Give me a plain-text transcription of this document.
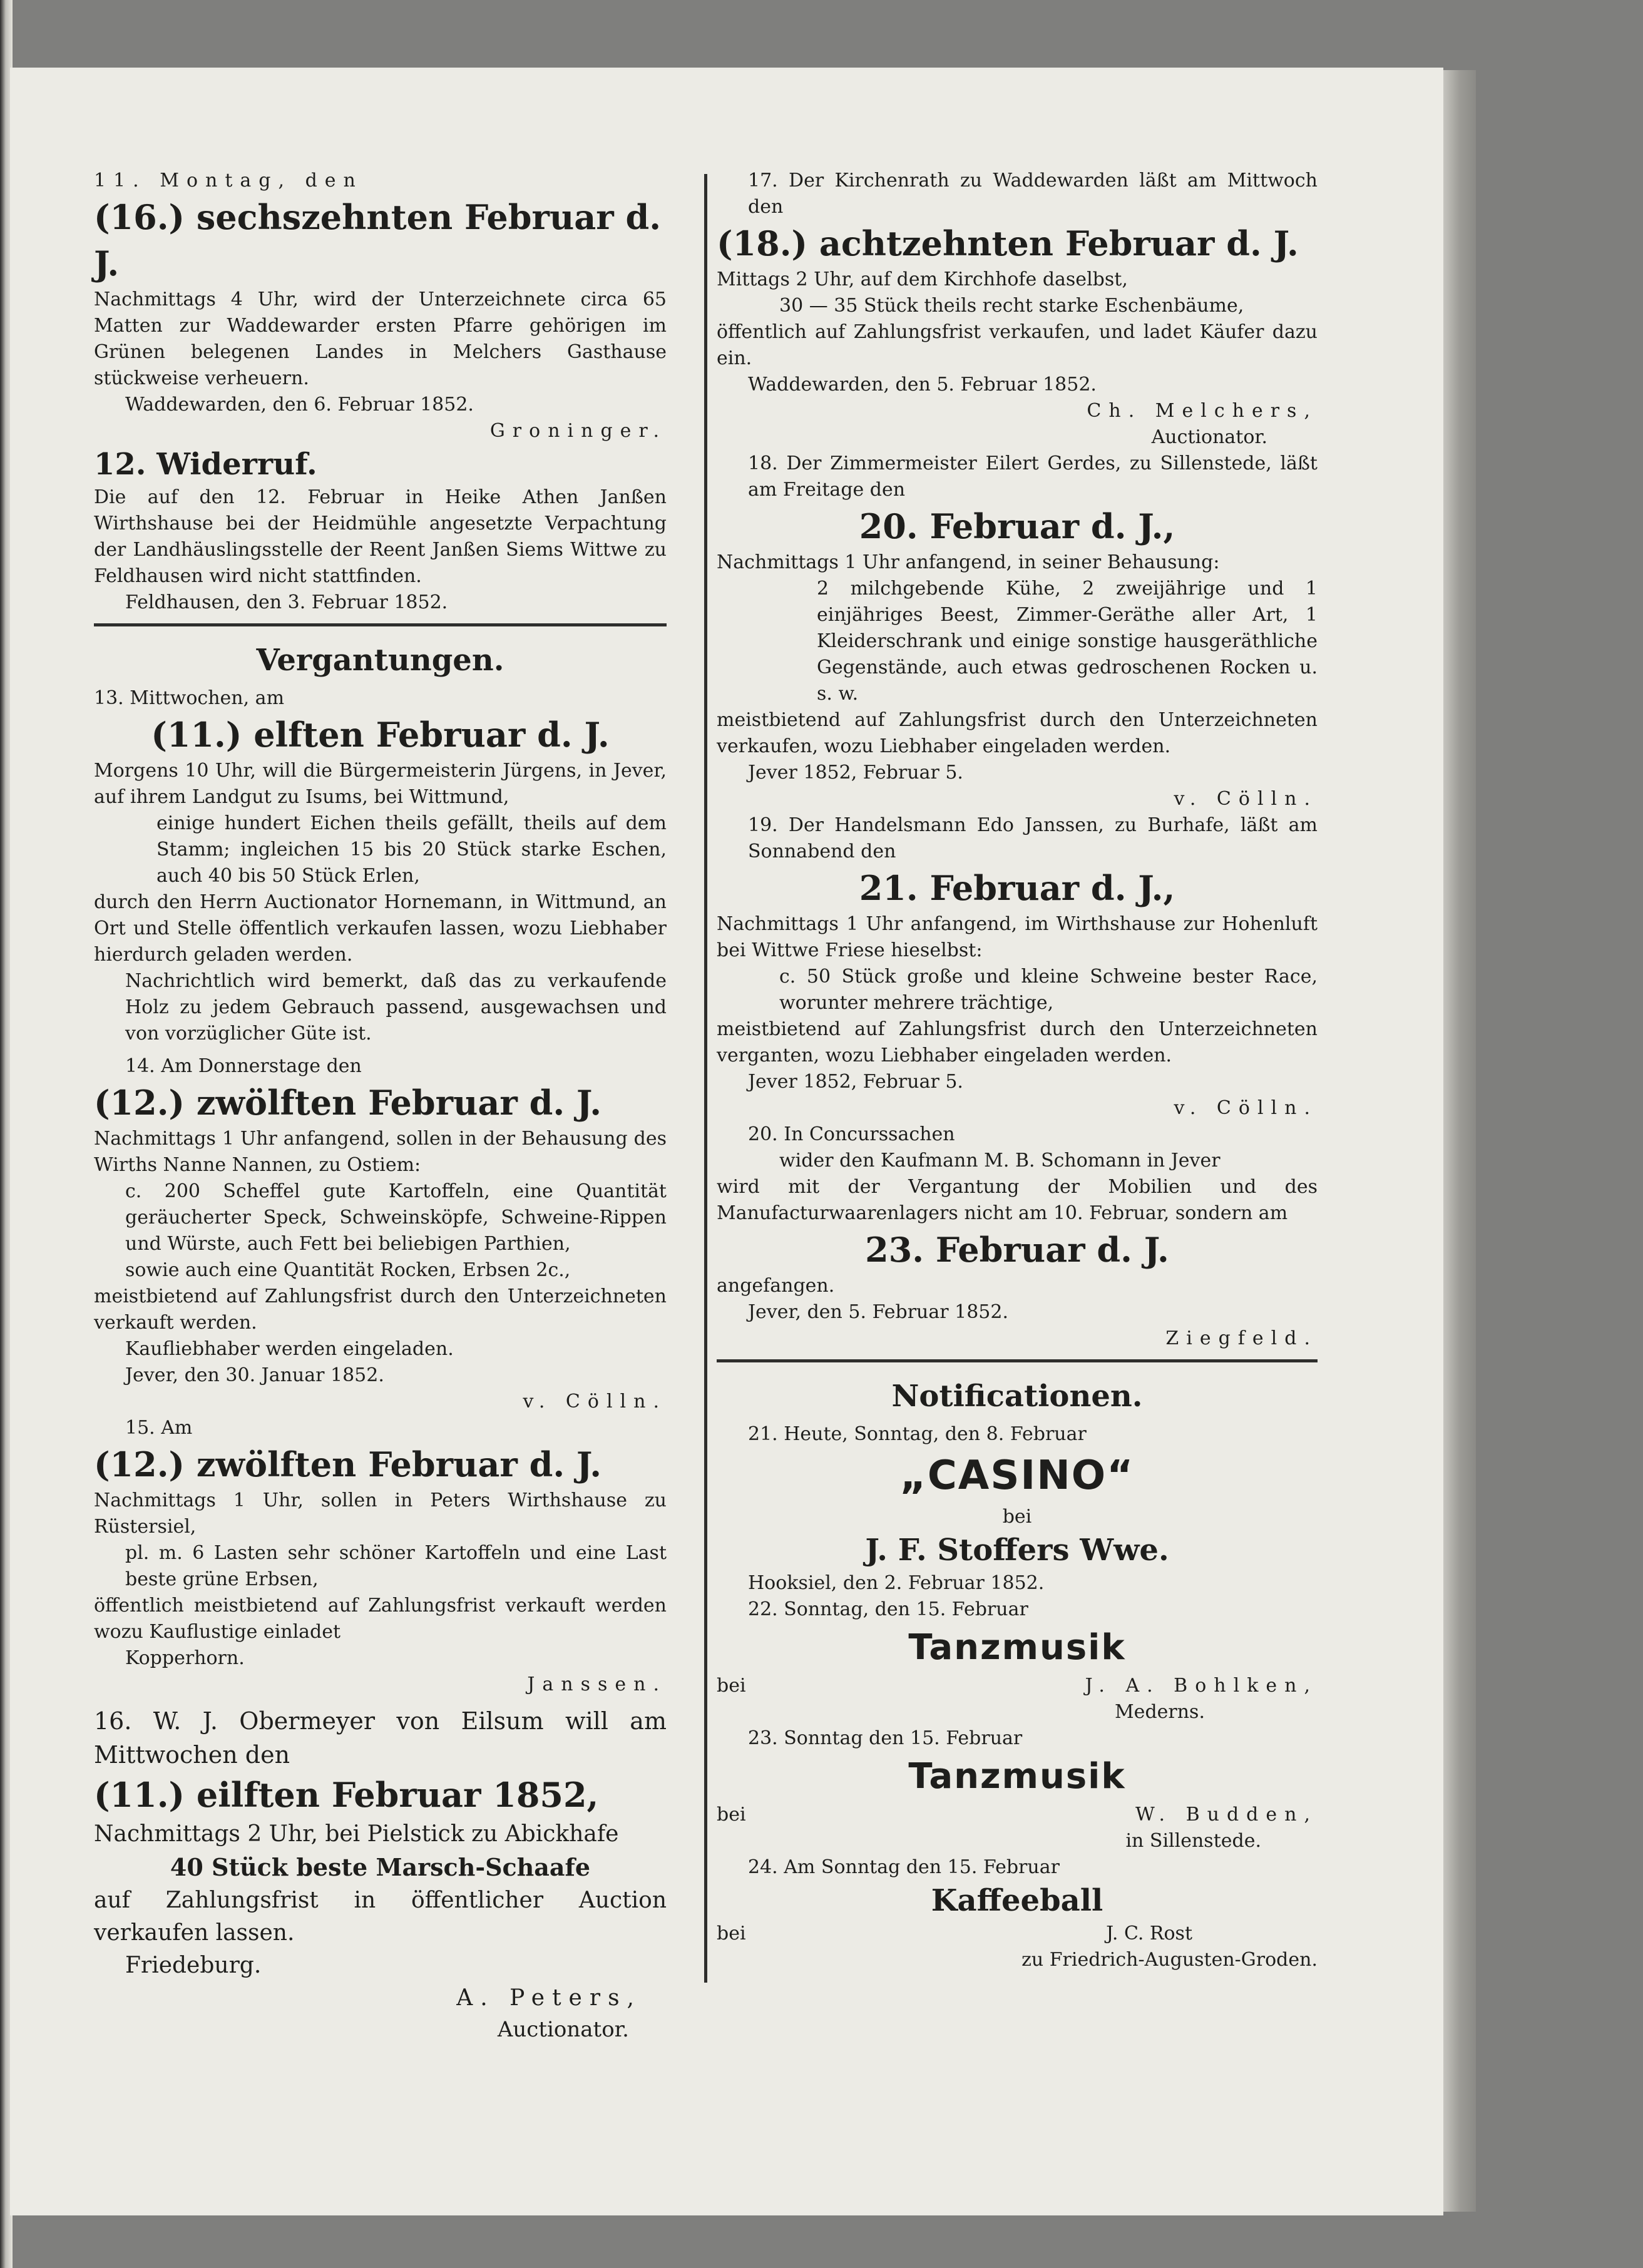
11. Montag, den

(16.) sechszehnten Februar d. J.

Nachmittags 4 Uhr, wird der Unterzeichnete circa 65 Matten zur Waddewarder ersten Pfarre gehörigen im Grünen belegenen Landes in Melchers Gasthause stückweise verheuern.

Waddewarden, den 6. Februar 1852.

Groninger.

12. Widerruf.

Die auf den 12. Februar in Heike Athen Janßen Wirthshause bei der Heidmühle angesetzte Verpachtung der Landhäuslingsstelle der Reent Janßen Siems Wittwe zu Feldhausen wird nicht stattfinden.

Feldhausen, den 3. Februar 1852.

Vergantungen.

13. Mittwochen, am

(11.) elften Februar d. J.

Morgens 10 Uhr, will die Bürgermeisterin Jürgens, in Jever, auf ihrem Landgut zu Isums, bei Wittmund,

einige hundert Eichen theils gefällt, theils auf dem Stamm; ingleichen 15 bis 20 Stück starke Eschen, auch 40 bis 50 Stück Erlen,

durch den Herrn Auctionator Hornemann, in Wittmund, an Ort und Stelle öffentlich verkaufen lassen, wozu Liebhaber hierdurch geladen werden.

Nachrichtlich wird bemerkt, daß das zu verkaufende Holz zu jedem Gebrauch passend, ausgewachsen und von vorzüglicher Güte ist.

14. Am Donnerstage den

(12.) zwölften Februar d. J.

Nachmittags 1 Uhr anfangend, sollen in der Behausung des Wirths Nanne Nannen, zu Ostiem:

c. 200 Scheffel gute Kartoffeln, eine Quantität geräucherter Speck, Schweinsköpfe, Schweine-Rippen und Würste, auch Fett bei beliebigen Parthien,

sowie auch eine Quantität Rocken, Erbsen 2c.,

meistbietend auf Zahlungsfrist durch den Unterzeichneten verkauft werden.

Kaufliebhaber werden eingeladen.

Jever, den 30. Januar 1852.

v. Cölln.

15. Am

(12.) zwölften Februar d. J.

Nachmittags 1 Uhr, sollen in Peters Wirthshause zu Rüstersiel,

pl. m. 6 Lasten sehr schöner Kartoffeln und eine Last beste grüne Erbsen,

öffentlich meistbietend auf Zahlungsfrist verkauft werden wozu Kauflustige einladet

Kopperhorn.

Janssen.

16. W. J. Obermeyer von Eilsum will am Mittwochen den

(11.) eilften Februar 1852,

Nachmittags 2 Uhr, bei Pielstick zu Abickhafe

40 Stück beste Marsch-Schaafe

auf Zahlungsfrist in öffentlicher Auction verkaufen lassen.

Friedeburg.

A. Peters,

Auctionator.

17. Der Kirchenrath zu Waddewarden läßt am Mittwoch den

(18.) achtzehnten Februar d. J.

Mittags 2 Uhr, auf dem Kirchhofe daselbst,

30 — 35 Stück theils recht starke Eschenbäume,

öffentlich auf Zahlungsfrist verkaufen, und ladet Käufer dazu ein.

Waddewarden, den 5. Februar 1852.

Ch. Melchers,

Auctionator.

18. Der Zimmermeister Eilert Gerdes, zu Sillenstede, läßt am Freitage den

20. Februar d. J.,

Nachmittags 1 Uhr anfangend, in seiner Behausung:

2 milchgebende Kühe, 2 zweijährige und 1 einjähriges Beest, Zimmer-Geräthe aller Art, 1 Kleiderschrank und einige sonstige hausgeräthliche Gegenstände, auch etwas gedroschenen Rocken u. s. w.

meistbietend auf Zahlungsfrist durch den Unterzeichneten verkaufen, wozu Liebhaber eingeladen werden.

Jever 1852, Februar 5.

v. Cölln.

19. Der Handelsmann Edo Janssen, zu Burhafe, läßt am Sonnabend den

21. Februar d. J.,

Nachmittags 1 Uhr anfangend, im Wirthshause zur Hohenluft bei Wittwe Friese hieselbst:

c. 50 Stück große und kleine Schweine bester Race, worunter mehrere trächtige,

meistbietend auf Zahlungsfrist durch den Unterzeichneten verganten, wozu Liebhaber eingeladen werden.

Jever 1852, Februar 5.

v. Cölln.

20. In Concurssachen

wider den Kaufmann M. B. Schomann in Jever

wird mit der Vergantung der Mobilien und des Manufacturwaarenlagers nicht am 10. Februar, sondern am

23. Februar d. J.

angefangen.

Jever, den 5. Februar 1852.

Ziegfeld.

Notificationen.

21. Heute, Sonntag, den 8. Februar

„CASINO“

bei

J. F. Stoffers Wwe.

Hooksiel, den 2. Februar 1852.

22. Sonntag, den 15. Februar

Tanzmusik

bei	J. A. Bohlken,

Mederns.

23. Sonntag den 15. Februar

Tanzmusik

bei	W. Budden,

in Sillenstede.

24. Am Sonntag den 15. Februar

Kaffeeball

bei	J. C. Rost

zu Friedrich-Augusten-Groden.
